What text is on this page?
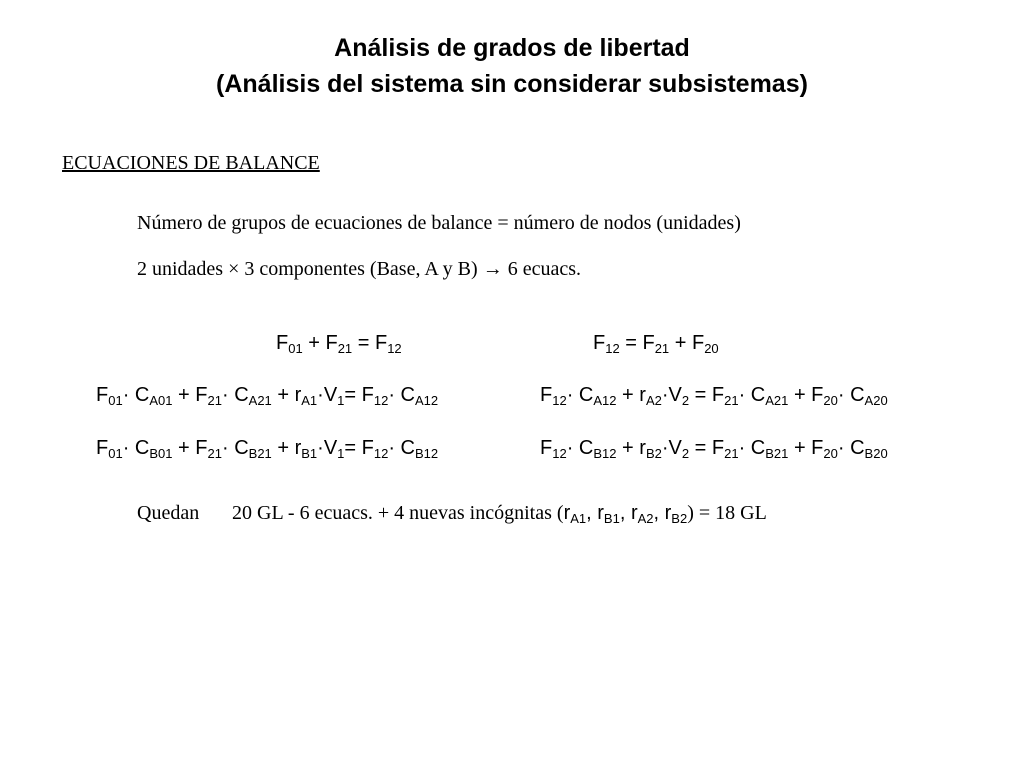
Análisis de grados de libertad
(Análisis del sistema sin considerar subsistemas)
ECUACIONES DE BALANCE
Número de grupos de ecuaciones de balance = número de nodos (unidades)
2 unidades × 3 componentes (Base, A y B) → 6 ecuacs.
$F_{01} + F_{21} = F_{12}$	$F_{12} = F_{21} + F_{20}$
$F_{01}\cdot C_{A01} + F_{21}\cdot C_{A21} + r_{A1}\cdot V_1= F_{12}\cdot C_{A12}$	$F_{12}\cdot C_{A12} + r_{A2}\cdot V_2 = F_{21}\cdot C_{A21} + F_{20}\cdot C_{A20}$
$F_{01}\cdot C_{B01} + F_{21}\cdot C_{B21} + r_{B1}\cdot V_1= F_{12}\cdot C_{B12}$	$F_{12}\cdot C_{B12} + r_{B2}\cdot V_2 = F_{21}\cdot C_{B21} + F_{20}\cdot C_{B20}$
Quedan 20 GL - 6 ecuacs. + 4 nuevas incógnitas ($r_{A1}$, $r_{B1}$, $r_{A2}$, $r_{B2}) = 18$ GL
